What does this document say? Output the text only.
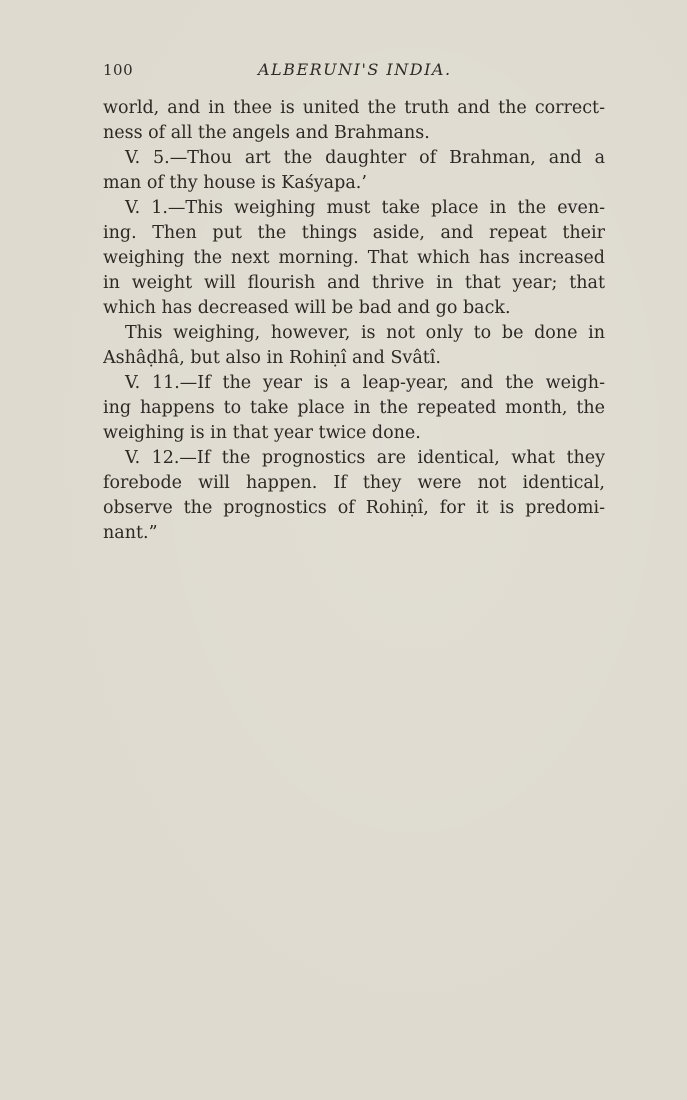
100	ALBERUNI'S INDIA.
world, and in thee is united the truth and the correct-
ness of all the angels and Brahmans.
V. 5.—Thou art the daughter of Brahman, and a
man of thy house is Kaśyapa.’
V. 1.—This weighing must take place in the even-
ing. Then put the things aside, and repeat their
weighing the next morning. That which has increased
in weight will flourish and thrive in that year; that
which has decreased will be bad and go back.
This weighing, however, is not only to be done in
Ashâḍhâ, but also in Rohiṇî and Svâtî.
V. 11.—If the year is a leap-year, and the weigh-
ing happens to take place in the repeated month, the
weighing is in that year twice done.
V. 12.—If the prognostics are identical, what they
forebode will happen. If they were not identical,
observe the prognostics of Rohiṇî, for it is predomi-
nant.”
